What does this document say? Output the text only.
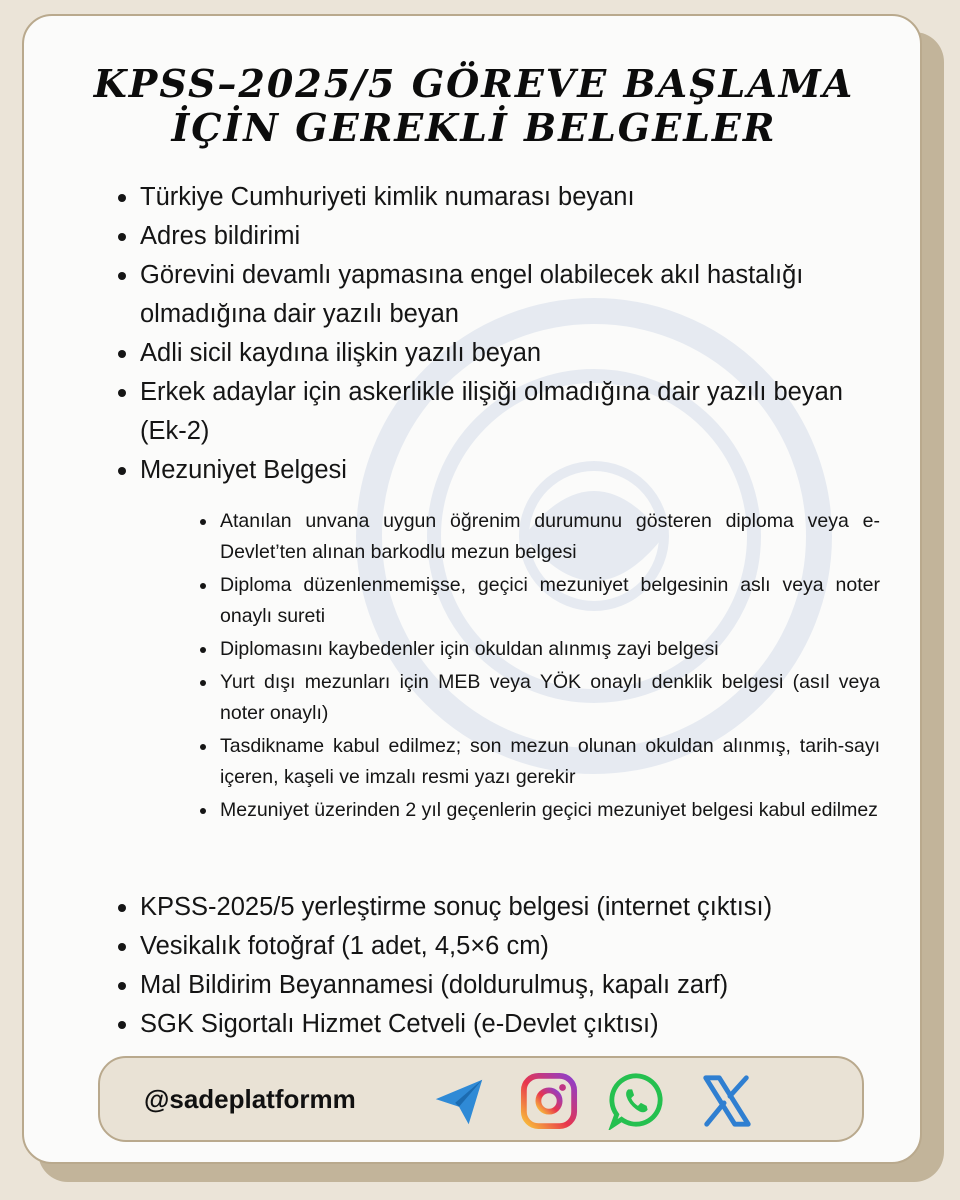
KPSS–2025/5 GÖREVE BAŞLAMA
İÇİN GEREKLİ BELGELER
Türkiye Cumhuriyeti kimlik numarası beyanı
Adres bildirimi
Görevini devamlı yapmasına engel olabilecek akıl hastalığı olmadığına dair yazılı beyan
Adli sicil kaydına ilişkin yazılı beyan
Erkek adaylar için askerlikle ilişiği olmadığına dair yazılı beyan (Ek-2)
Mezuniyet Belgesi
Atanılan unvana uygun öğrenim durumunu gösteren diploma veya e-Devlet’ten alınan barkodlu mezun belgesi
Diploma düzenlenmemişse, geçici mezuniyet belgesinin aslı veya noter onaylı sureti
Diplomasını kaybedenler için okuldan alınmış zayi belgesi
Yurt dışı mezunları için MEB veya YÖK onaylı denklik belgesi (asıl veya noter onaylı)
Tasdikname kabul edilmez; son mezun olunan okuldan alınmış, tarih-sayı içeren, kaşeli ve imzalı resmi yazı gerekir
Mezuniyet üzerinden 2 yıl geçenlerin geçici mezuniyet belgesi kabul edilmez
KPSS-2025/5 yerleştirme sonuç belgesi (internet çıktısı)
Vesikalık fotoğraf (1 adet, 4,5×6 cm)
Mal Bildirim Beyannamesi (doldurulmuş, kapalı zarf)
SGK Sigortalı Hizmet Cetveli (e-Devlet çıktısı)
@sadeplatformm
